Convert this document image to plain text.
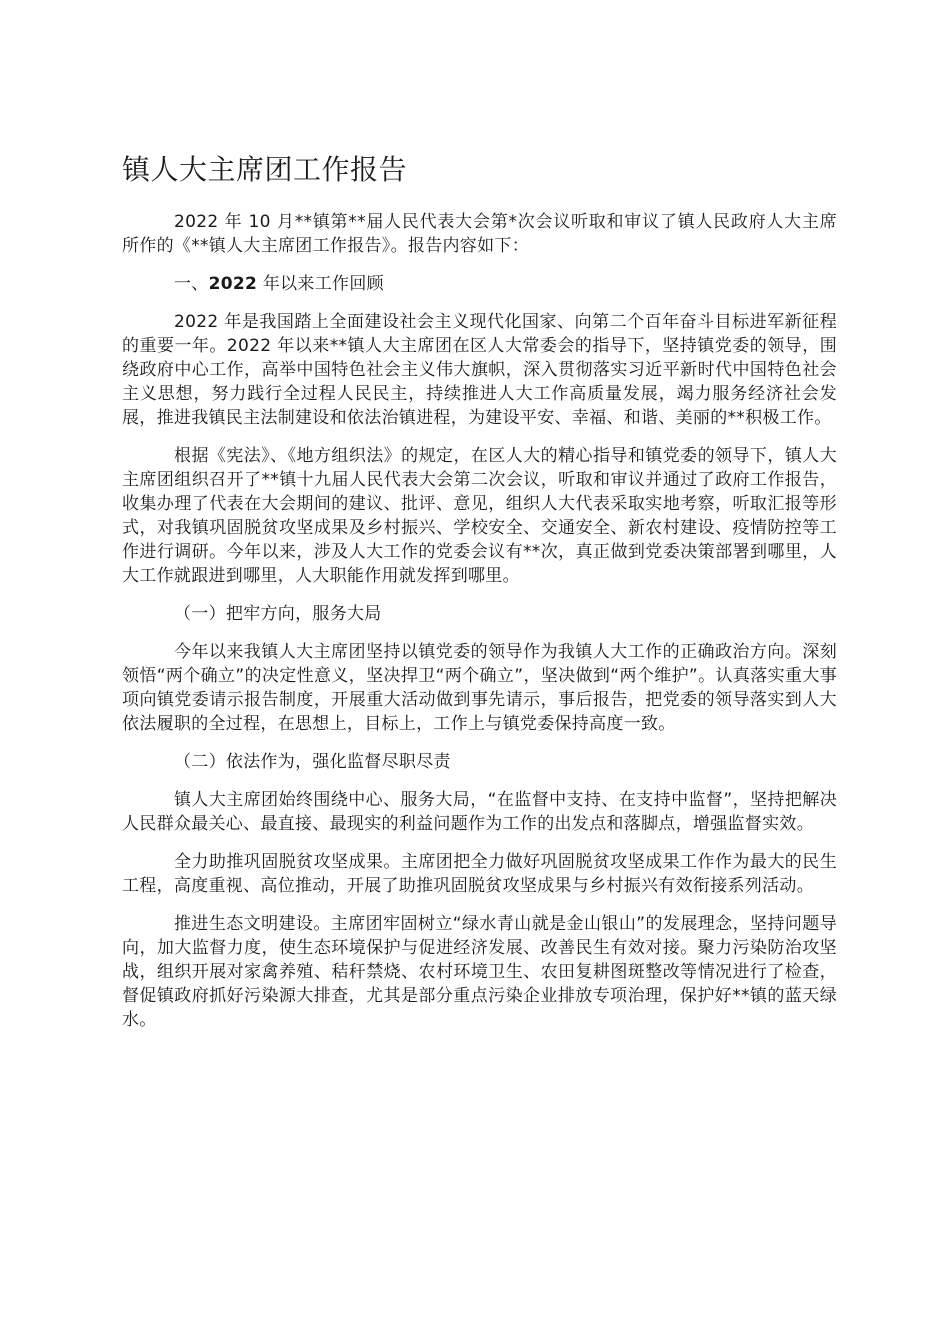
镇人大主席团工作报告

2022 年 10 月**镇第**届人民代表大会第*次会议听取和审议了镇人民政府人大主席所作的《**镇人大主席团工作报告》。报告内容如下：

一、2022 年以来工作回顾

2022 年是我国踏上全面建设社会主义现代化国家、向第二个百年奋斗目标进军新征程的重要一年。2022 年以来**镇人大主席团在区人大常委会的指导下，坚持镇党委的领导，围绕政府中心工作，高举中国特色社会主义伟大旗帜，深入贯彻落实习近平新时代中国特色社会主义思想，努力践行全过程人民民主，持续推进人大工作高质量发展，竭力服务经济社会发展，推进我镇民主法制建设和依法治镇进程，为建设平安、幸福、和谐、美丽的**积极工作。

根据《宪法》、《地方组织法》的规定，在区人大的精心指导和镇党委的领导下，镇人大主席团组织召开了**镇十九届人民代表大会第二次会议，听取和审议并通过了政府工作报告，收集办理了代表在大会期间的建议、批评、意见，组织人大代表采取实地考察，听取汇报等形式，对我镇巩固脱贫攻坚成果及乡村振兴、学校安全、交通安全、新农村建设、疫情防控等工作进行调研。今年以来，涉及人大工作的党委会议有**次，真正做到党委决策部署到哪里，人大工作就跟进到哪里，人大职能作用就发挥到哪里。

（一）把牢方向，服务大局

今年以来我镇人大主席团坚持以镇党委的领导作为我镇人大工作的正确政治方向。深刻领悟“两个确立”的决定性意义，坚决捍卫“两个确立”，坚决做到“两个维护”。认真落实重大事项向镇党委请示报告制度，开展重大活动做到事先请示，事后报告，把党委的领导落实到人大依法履职的全过程，在思想上，目标上，工作上与镇党委保持高度一致。

（二）依法作为，强化监督尽职尽责

镇人大主席团始终围绕中心、服务大局，“在监督中支持、在支持中监督”，坚持把解决人民群众最关心、最直接、最现实的利益问题作为工作的出发点和落脚点，增强监督实效。

全力助推巩固脱贫攻坚成果。主席团把全力做好巩固脱贫攻坚成果工作作为最大的民生工程，高度重视、高位推动，开展了助推巩固脱贫攻坚成果与乡村振兴有效衔接系列活动。

推进生态文明建设。主席团牢固树立“绿水青山就是金山银山”的发展理念，坚持问题导向，加大监督力度，使生态环境保护与促进经济发展、改善民生有效对接。聚力污染防治攻坚战，组织开展对家禽养殖、秸秆禁烧、农村环境卫生、农田复耕图斑整改等情况进行了检查，督促镇政府抓好污染源大排查，尤其是部分重点污染企业排放专项治理，保护好**镇的蓝天绿水。
